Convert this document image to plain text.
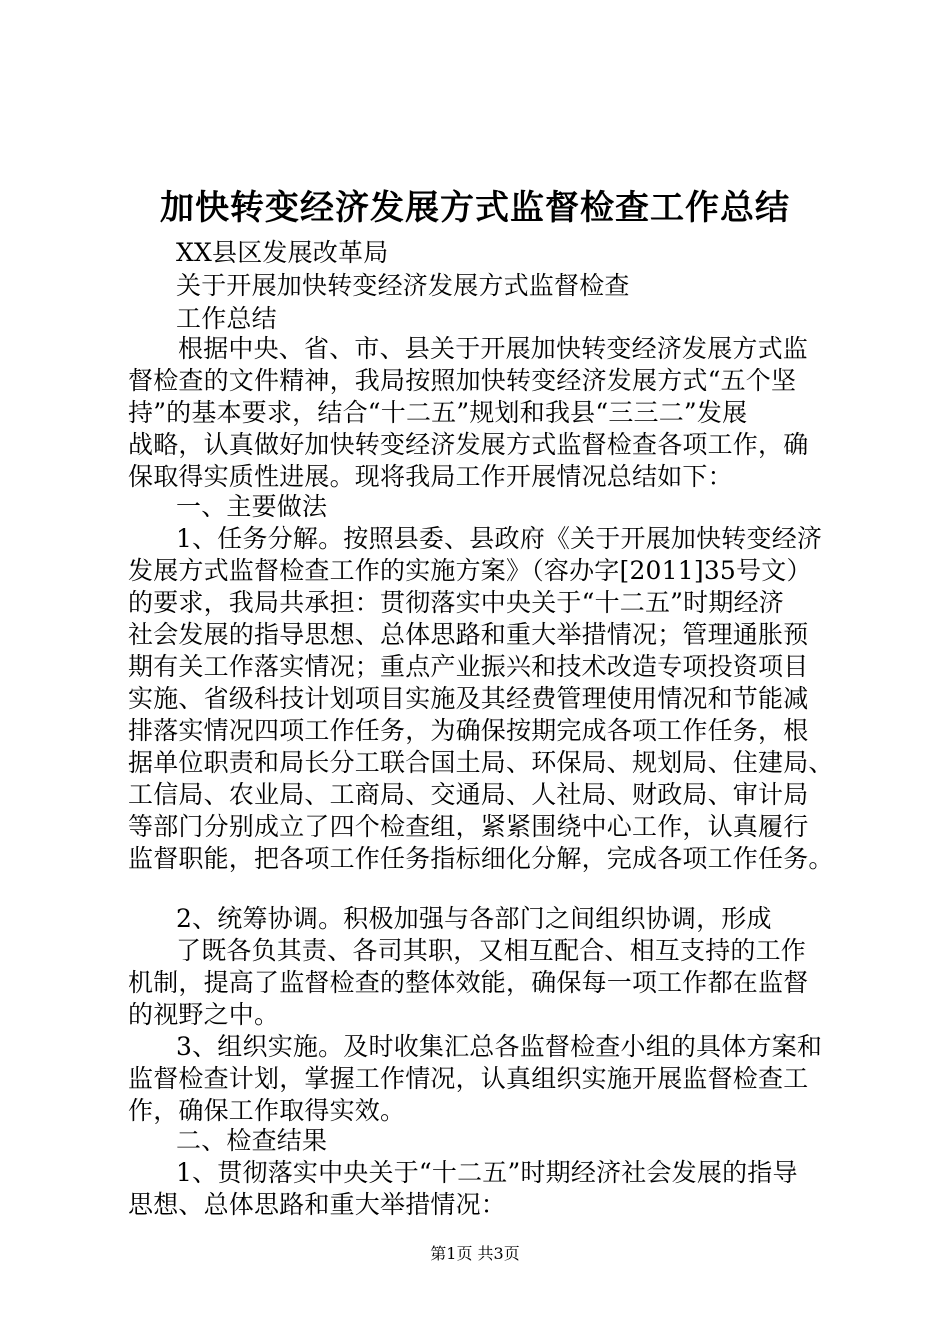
加快转变经济发展方式监督检查工作总结
XX县区发展改革局
关于开展加快转变经济发展方式监督检查
工作总结
根据中央、省、市、县关于开展加快转变经济发展方式监
督检查的文件精神，我局按照加快转变经济发展方式“五个坚
持”的基本要求，结合“十二五”规划和我县“三三二”发展
战略，认真做好加快转变经济发展方式监督检查各项工作，确
保取得实质性进展。现将我局工作开展情况总结如下：
一、主要做法
1、任务分解。按照县委、县政府《关于开展加快转变经济
发展方式监督检查工作的实施方案》（容办字[2011]35号文）
的要求，我局共承担：贯彻落实中央关于“十二五”时期经济
社会发展的指导思想、总体思路和重大举措情况；管理通胀预
期有关工作落实情况；重点产业振兴和技术改造专项投资项目
实施、省级科技计划项目实施及其经费管理使用情况和节能减
排落实情况四项工作任务，为确保按期完成各项工作任务，根
据单位职责和局长分工联合国土局、环保局、规划局、住建局、
工信局、农业局、工商局、交通局、人社局、财政局、审计局
等部门分别成立了四个检查组，紧紧围绕中心工作，认真履行
监督职能，把各项工作任务指标细化分解，完成各项工作任务。
2、统筹协调。积极加强与各部门之间组织协调，形成
了既各负其责、各司其职，又相互配合、相互支持的工作
机制，提高了监督检查的整体效能，确保每一项工作都在监督
的视野之中。
3、组织实施。及时收集汇总各监督检查小组的具体方案和
监督检查计划，掌握工作情况，认真组织实施开展监督检查工
作，确保工作取得实效。
二、检查结果
1、贯彻落实中央关于“十二五”时期经济社会发展的指导
思想、总体思路和重大举措情况：
第1页 共3页
